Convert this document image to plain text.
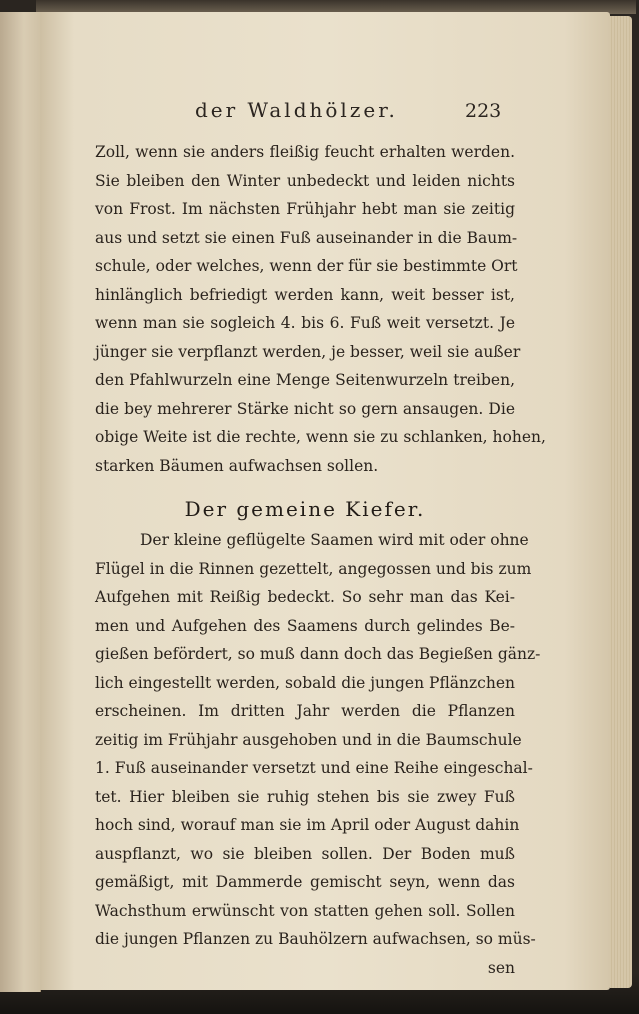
der Waldhölzer.	223
Zoll, wenn sie anders fleißig feucht erhalten werden.
Sie bleiben den Winter unbedeckt und leiden nichts
von Frost. Im nächsten Frühjahr hebt man sie zeitig
aus und setzt sie einen Fuß auseinander in die Baum-
schule, oder welches, wenn der für sie bestimmte Ort
hinlänglich befriedigt werden kann, weit besser ist,
wenn man sie sogleich 4. bis 6. Fuß weit versetzt. Je
jünger sie verpflanzt werden, je besser, weil sie außer
den Pfahlwurzeln eine Menge Seitenwurzeln treiben,
die bey mehrerer Stärke nicht so gern ansaugen. Die
obige Weite ist die rechte, wenn sie zu schlanken, hohen,
starken Bäumen aufwachsen sollen.
Der gemeine Kiefer.
Der kleine geflügelte Saamen wird mit oder ohne
Flügel in die Rinnen gezettelt, angegossen und bis zum
Aufgehen mit Reißig bedeckt. So sehr man das Kei-
men und Aufgehen des Saamens durch gelindes Be-
gießen befördert, so muß dann doch das Begießen gänz-
lich eingestellt werden, sobald die jungen Pflänzchen
erscheinen. Im dritten Jahr werden die Pflanzen
zeitig im Frühjahr ausgehoben und in die Baumschule
1. Fuß auseinander versetzt und eine Reihe eingeschal-
tet. Hier bleiben sie ruhig stehen bis sie zwey Fuß
hoch sind, worauf man sie im April oder August dahin
auspflanzt, wo sie bleiben sollen. Der Boden muß
gemäßigt, mit Dammerde gemischt seyn, wenn das
Wachsthum erwünscht von statten gehen soll. Sollen
die jungen Pflanzen zu Bauhölzern aufwachsen, so müs-
sen
